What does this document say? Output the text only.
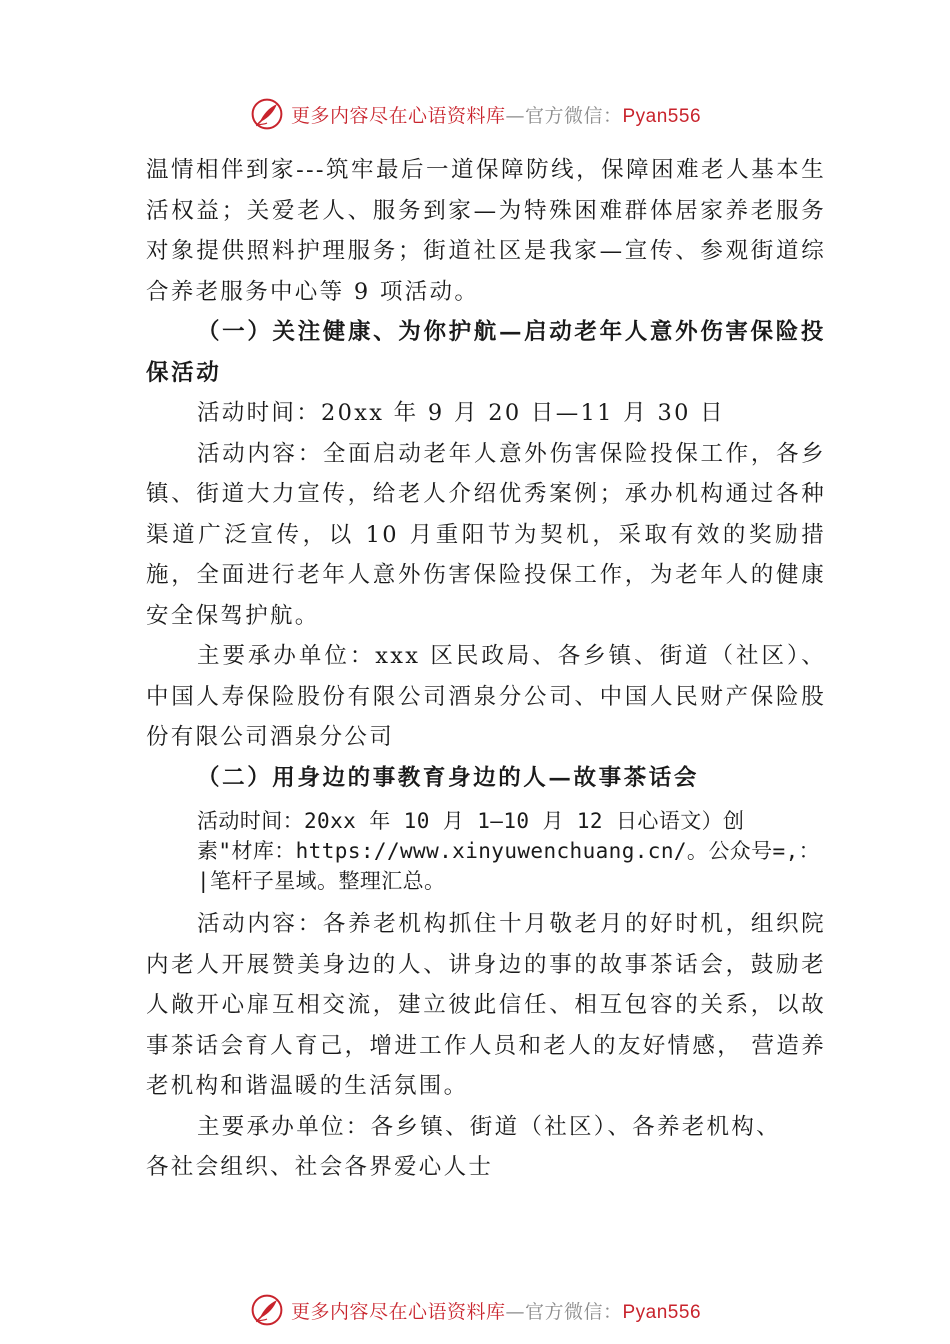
更多内容尽在心语资料库—官方微信：Pyan556

温情相伴到家---筑牢最后一道保障防线，保障困难老人基本生活权益；关爱老人、服务到家—为特殊困难群体居家养老服务对象提供照料护理服务；街道社区是我家—宣传、参观街道综合养老服务中心等 9 项活动。

（一）关注健康、为你护航—启动老年人意外伤害保险投保活动

活动时间：20xx 年 9 月 20 日—11 月 30 日

活动内容：全面启动老年人意外伤害保险投保工作，各乡镇、街道大力宣传，给老人介绍优秀案例；承办机构通过各种渠道广泛宣传，以 10 月重阳节为契机，采取有效的奖励措施，全面进行老年人意外伤害保险投保工作，为老年人的健康安全保驾护航。

主要承办单位：xxx 区民政局、各乡镇、街道（社区）、中国人寿保险股份有限公司酒泉分公司、中国人民财产保险股份有限公司酒泉分公司

（二）用身边的事教育身边的人—故事茶话会

活动时间：20xx 年 10 月 1—10 月 12 日心语文）创

素"材库：https://www.xinyuwenchuang.cn/。公众号=,：

|笔杆子星域。整理汇总。

活动内容：各养老机构抓住十月敬老月的好时机，组织院内老人开展赞美身边的人、讲身边的事的故事茶话会，鼓励老人敞开心扉互相交流，建立彼此信任、相互包容的关系，以故事茶话会育人育己，增进工作人员和老人的友好情感， 营造养老机构和谐温暖的生活氛围。

主要承办单位：各乡镇、街道（社区）、各养老机构、

各社会组织、社会各界爱心人士

更多内容尽在心语资料库—官方微信：Pyan556
